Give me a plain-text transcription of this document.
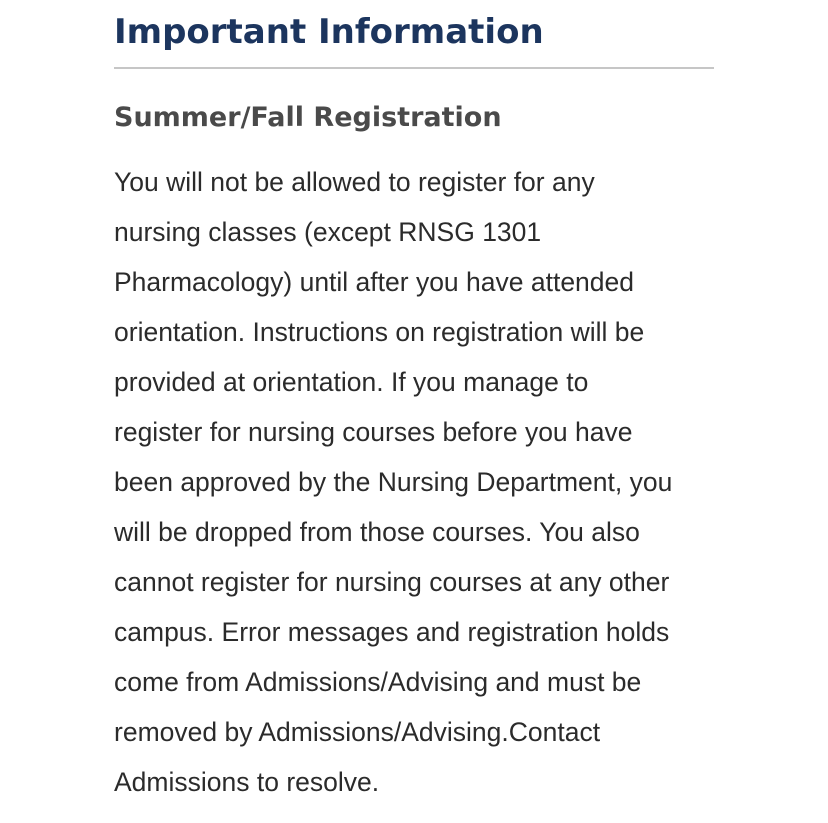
Important Information
Summer/Fall Registration

You will not be allowed to register for any
nursing classes (except RNSG 1301
Pharmacology) until after you have attended
orientation. Instructions on registration will be
provided at orientation. If you manage to
register for nursing courses before you have
been approved by the Nursing Department, you
will be dropped from those courses. You also
cannot register for nursing courses at any other
campus. Error messages and registration holds
come from Admissions/Advising and must be
removed by Admissions/Advising.Contact
Admissions to resolve.
